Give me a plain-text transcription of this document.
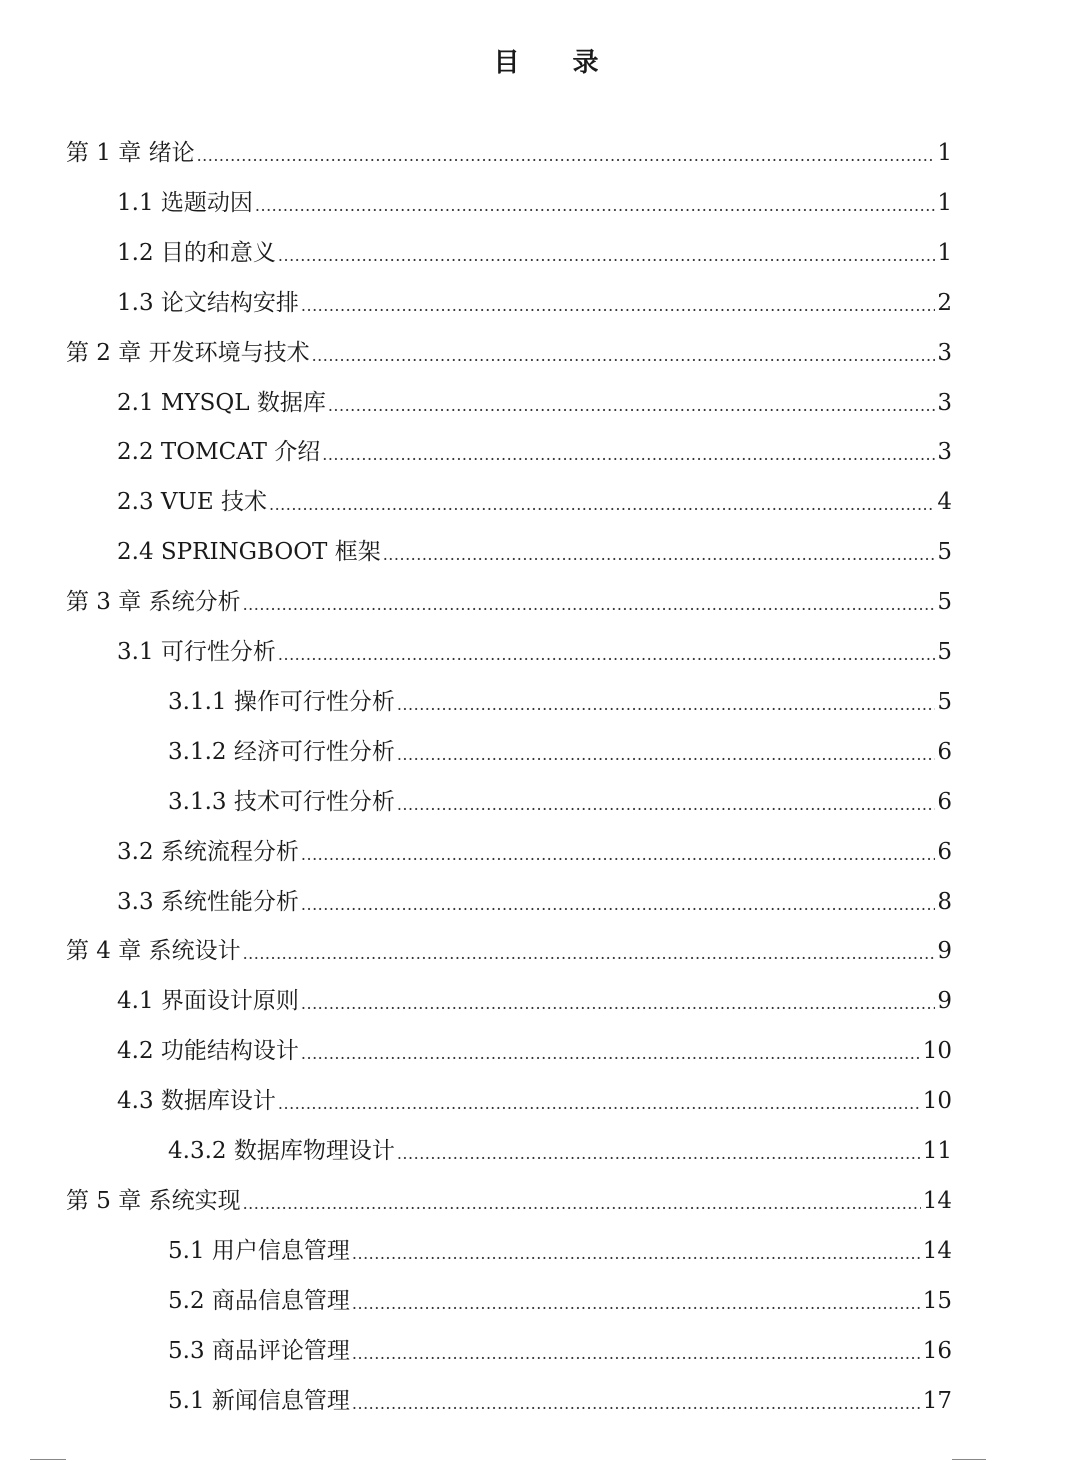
目 录
第 1 章 绪论 .....	1
1.1 选题动因 .....	1
1.2 目的和意义 .....	1
1.3 论文结构安排 .....	2
第 2 章 开发环境与技术 .....	3
2.1 MYSQL 数据库 .....	3
2.2 TOMCAT 介绍 .....	3
2.3 VUE 技术 .....	4
2.4 SPRINGBOOT 框架 .....	5
第 3 章 系统分析 .....	5
3.1 可行性分析 .....	5
3.1.1 操作可行性分析 .....	5
3.1.2 经济可行性分析 .....	6
3.1.3 技术可行性分析 .....	6
3.2 系统流程分析 .....	6
3.3 系统性能分析 .....	8
第 4 章 系统设计 .....	9
4.1 界面设计原则 .....	9
4.2 功能结构设计 .....	10
4.3 数据库设计 .....	10
4.3.2 数据库物理设计 .....	11
第 5 章 系统实现 .....	14
5.1 用户信息管理 .....	14
5.2 商品信息管理 .....	15
5.3 商品评论管理 .....	16
5.1 新闻信息管理 .....	17
